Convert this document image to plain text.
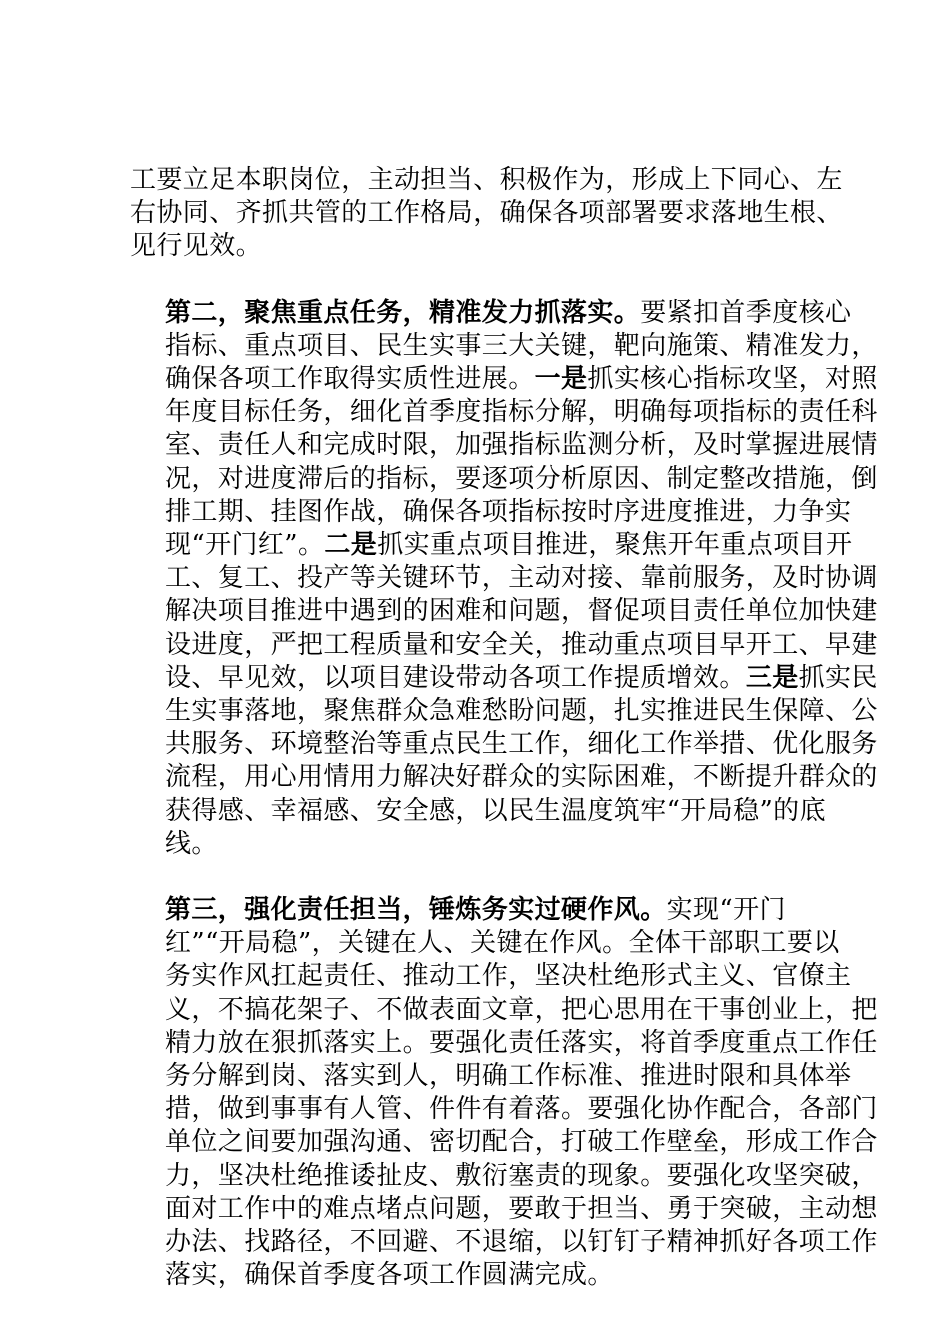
工要立足本职岗位，主动担当、积极作为，形成上下同心、左
右协同、齐抓共管的工作格局，确保各项部署要求落地生根、
见行见效。
第二，聚焦重点任务，精准发力抓落实。要紧扣首季度核心
指标、重点项目、民生实事三大关键，靶向施策、精准发力，
确保各项工作取得实质性进展。一是抓实核心指标攻坚，对照
年度目标任务，细化首季度指标分解，明确每项指标的责任科
室、责任人和完成时限，加强指标监测分析，及时掌握进展情
况，对进度滞后的指标，要逐项分析原因、制定整改措施，倒
排工期、挂图作战，确保各项指标按时序进度推进，力争实
现“开门红”。二是抓实重点项目推进，聚焦开年重点项目开
工、复工、投产等关键环节，主动对接、靠前服务，及时协调
解决项目推进中遇到的困难和问题，督促项目责任单位加快建
设进度，严把工程质量和安全关，推动重点项目早开工、早建
设、早见效，以项目建设带动各项工作提质增效。三是抓实民
生实事落地，聚焦群众急难愁盼问题，扎实推进民生保障、公
共服务、环境整治等重点民生工作，细化工作举措、优化服务
流程，用心用情用力解决好群众的实际困难，不断提升群众的
获得感、幸福感、安全感，以民生温度筑牢“开局稳”的底
线。
第三，强化责任担当，锤炼务实过硬作风。实现“开门
红”“开局稳”，关键在人、关键在作风。全体干部职工要以
务实作风扛起责任、推动工作，坚决杜绝形式主义、官僚主
义，不搞花架子、不做表面文章，把心思用在干事创业上，把
精力放在狠抓落实上。要强化责任落实，将首季度重点工作任
务分解到岗、落实到人，明确工作标准、推进时限和具体举
措，做到事事有人管、件件有着落。要强化协作配合，各部门
单位之间要加强沟通、密切配合，打破工作壁垒，形成工作合
力，坚决杜绝推诿扯皮、敷衍塞责的现象。要强化攻坚突破，
面对工作中的难点堵点问题，要敢于担当、勇于突破，主动想
办法、找路径，不回避、不退缩，以钉钉子精神抓好各项工作
落实，确保首季度各项工作圆满完成。
